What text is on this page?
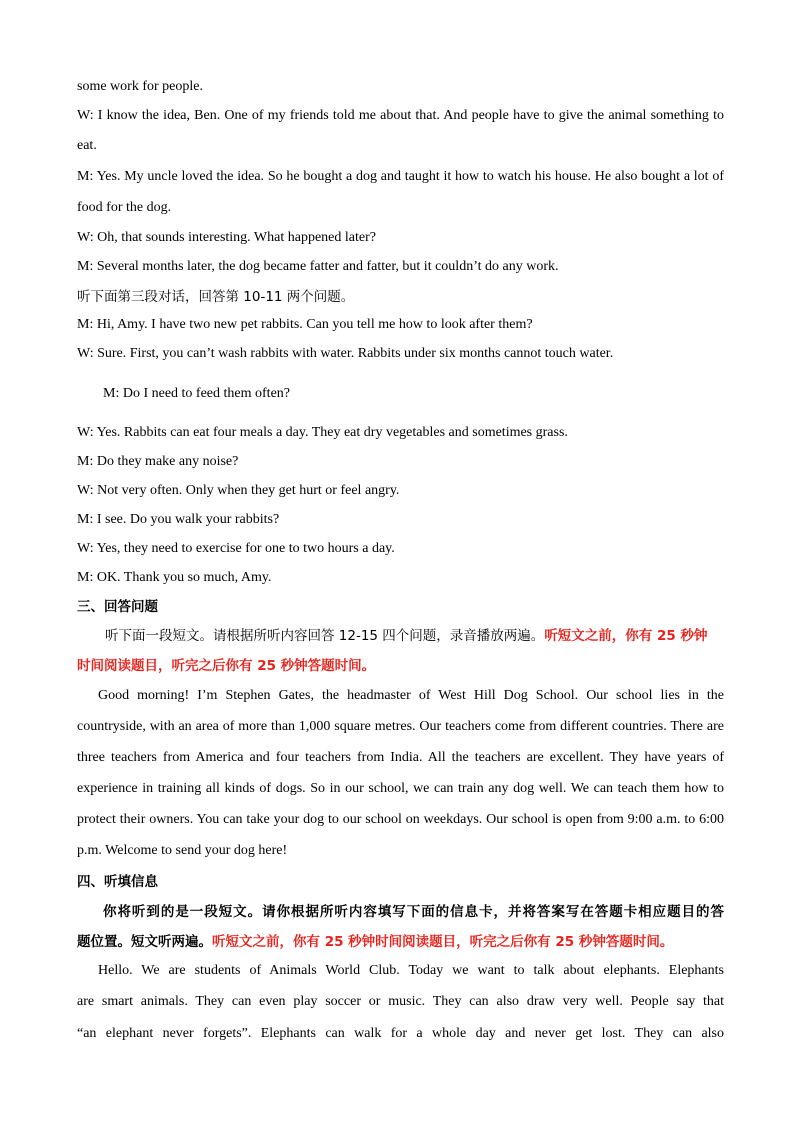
some work for people.
W: I know the idea, Ben. One of my friends told me about that. And people have to give the animal something to
eat.
M: Yes. My uncle loved the idea. So he bought a dog and taught it how to watch his house. He also bought a lot of
food for the dog.
W: Oh, that sounds interesting. What happened later?
M: Several months later, the dog became fatter and fatter, but it couldn’t do any work.
听下面第三段对话，回答第 10-11 两个问题。
M: Hi, Amy. I have two new pet rabbits. Can you tell me how to look after them?
W: Sure. First, you can’t wash rabbits with water. Rabbits under six months cannot touch water.
M: Do I need to feed them often?
W: Yes. Rabbits can eat four meals a day. They eat dry vegetables and sometimes grass.
M: Do they make any noise?
W: Not very often. Only when they get hurt or feel angry.
M: I see. Do you walk your rabbits?
W: Yes, they need to exercise for one to two hours a day.
M: OK. Thank you so much, Amy.
三、回答问题
听下面一段短文。请根据所听内容回答 12-15 四个问题，录音播放两遍。听短文之前，你有 25 秒钟
时间阅读题目，听完之后你有 25 秒钟答题时间。
Good morning! I’m Stephen Gates, the headmaster of West Hill Dog School. Our school lies in the
countryside, with an area of more than 1,000 square metres. Our teachers come from different countries. There are
three teachers from America and four teachers from India. All the teachers are excellent. They have years of
experience in training all kinds of dogs. So in our school, we can train any dog well. We can teach them how to
protect their owners. You can take your dog to our school on weekdays. Our school is open from 9:00 a.m. to 6:00
p.m. Welcome to send your dog here!
四、听填信息
你将听到的是一段短文。请你根据所听内容填写下面的信息卡，并将答案写在答题卡相应题目的答
题位置。短文听两遍。听短文之前，你有 25 秒钟时间阅读题目，听完之后你有 25 秒钟答题时间。
Hello. We are students of Animals World Club. Today we want to talk about elephants. Elephants
are smart animals. They can even play soccer or music. They can also draw very well. People say that
“an elephant never forgets”. Elephants can walk for a whole day and never get lost. They can also
